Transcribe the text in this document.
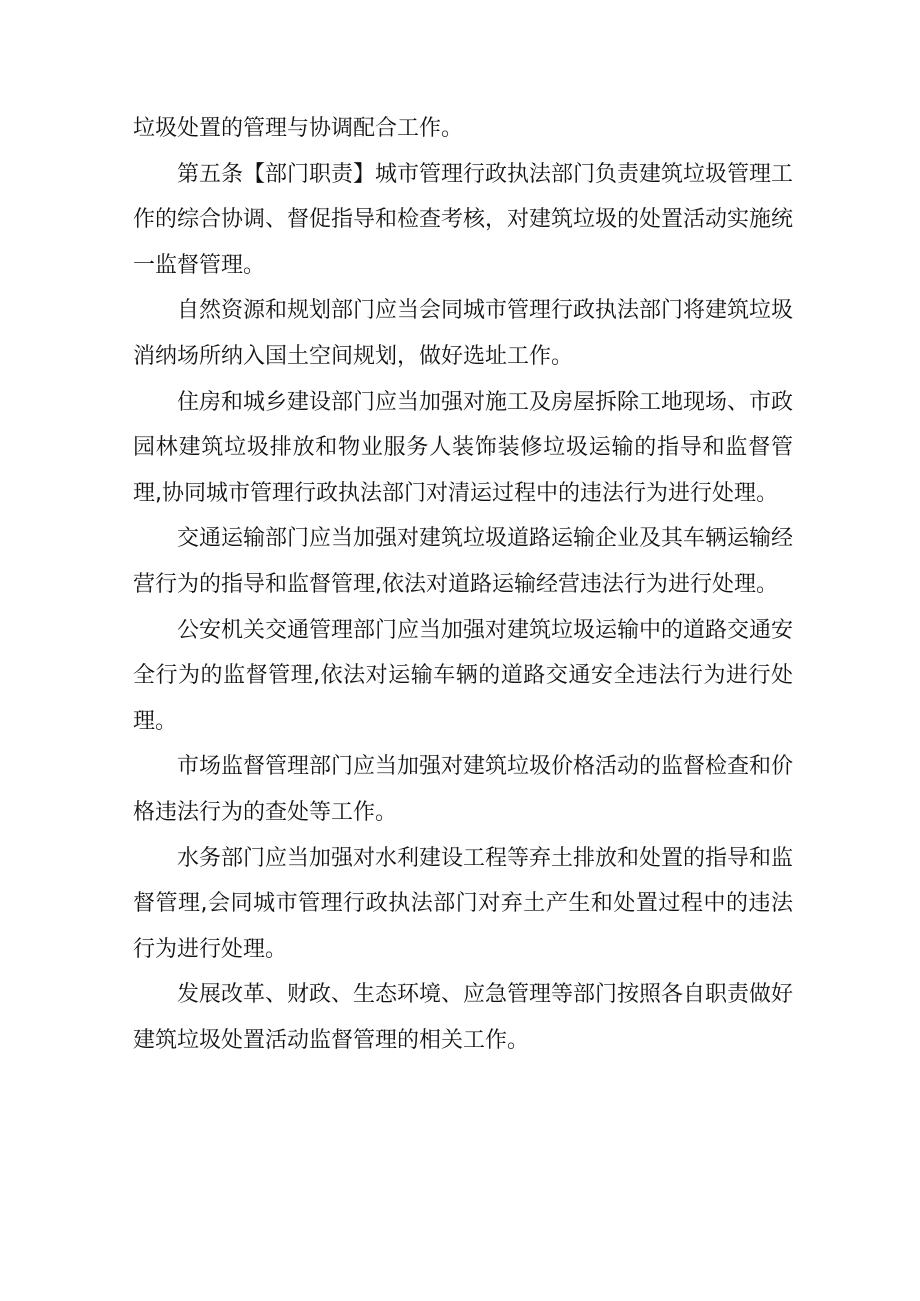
垃圾处置的管理与协调配合工作。

第五条【部门职责】城市管理行政执法部门负责建筑垃圾管理工作的综合协调、督促指导和检查考核，对建筑垃圾的处置活动实施统一监督管理。

自然资源和规划部门应当会同城市管理行政执法部门将建筑垃圾消纳场所纳入国土空间规划，做好选址工作。

住房和城乡建设部门应当加强对施工及房屋拆除工地现场、市政园林建筑垃圾排放和物业服务人装饰装修垃圾运输的指导和监督管理,协同城市管理行政执法部门对清运过程中的违法行为进行处理。

交通运输部门应当加强对建筑垃圾道路运输企业及其车辆运输经营行为的指导和监督管理,依法对道路运输经营违法行为进行处理。

公安机关交通管理部门应当加强对建筑垃圾运输中的道路交通安全行为的监督管理,依法对运输车辆的道路交通安全违法行为进行处理。

市场监督管理部门应当加强对建筑垃圾价格活动的监督检查和价格违法行为的查处等工作。

水务部门应当加强对水利建设工程等弃土排放和处置的指导和监督管理,会同城市管理行政执法部门对弃土产生和处置过程中的违法行为进行处理。

发展改革、财政、生态环境、应急管理等部门按照各自职责做好建筑垃圾处置活动监督管理的相关工作。
